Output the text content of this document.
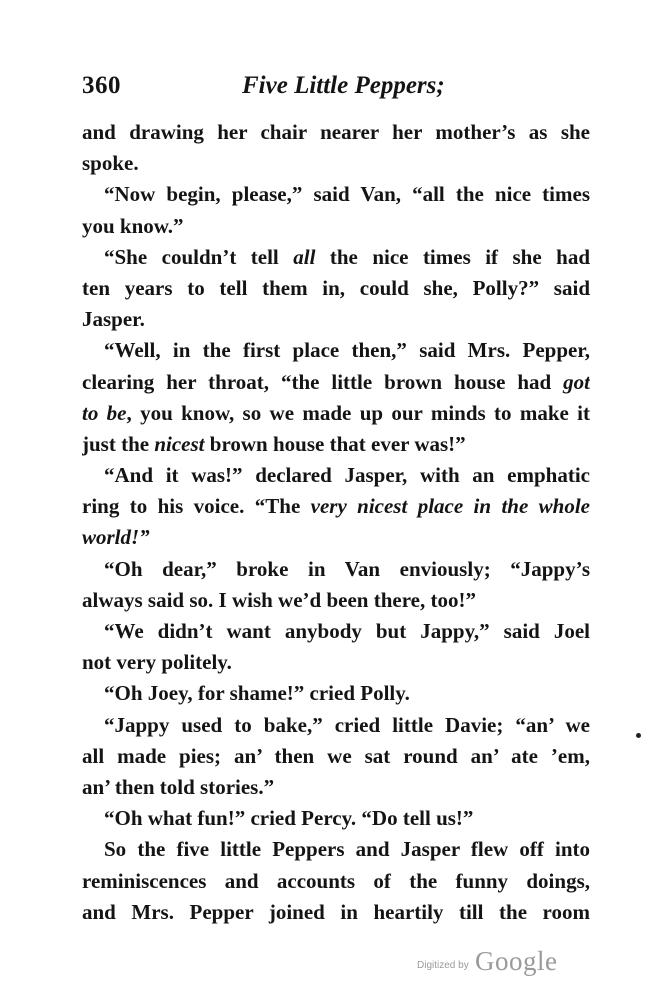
360	Five Little Peppers;
and drawing her chair nearer her mother’s as she
spoke.
“Now begin, please,” said Van, “all the nice times
you know.”
“She couldn’t tell all the nice times if she had
ten years to tell them in, could she, Polly?” said
Jasper.
“Well, in the first place then,” said Mrs. Pepper,
clearing her throat, “the little brown house had got
to be, you know, so we made up our minds to make it
just the nicest brown house that ever was!”
“And it was!” declared Jasper, with an emphatic
ring to his voice. “The very nicest place in the whole
world!”
“Oh dear,” broke in Van enviously; “Jappy’s
always said so. I wish we’d been there, too!”
“We didn’t want anybody but Jappy,” said Joel
not very politely.
“Oh Joey, for shame!” cried Polly.
“Jappy used to bake,” cried little Davie; “an’ we
all made pies; an’ then we sat round an’ ate ’em,
an’ then told stories.”
“Oh what fun!” cried Percy. “Do tell us!”
So the five little Peppers and Jasper flew off into
reminiscences and accounts of the funny doings,
and Mrs. Pepper joined in heartily till the room
Digitized by Google
